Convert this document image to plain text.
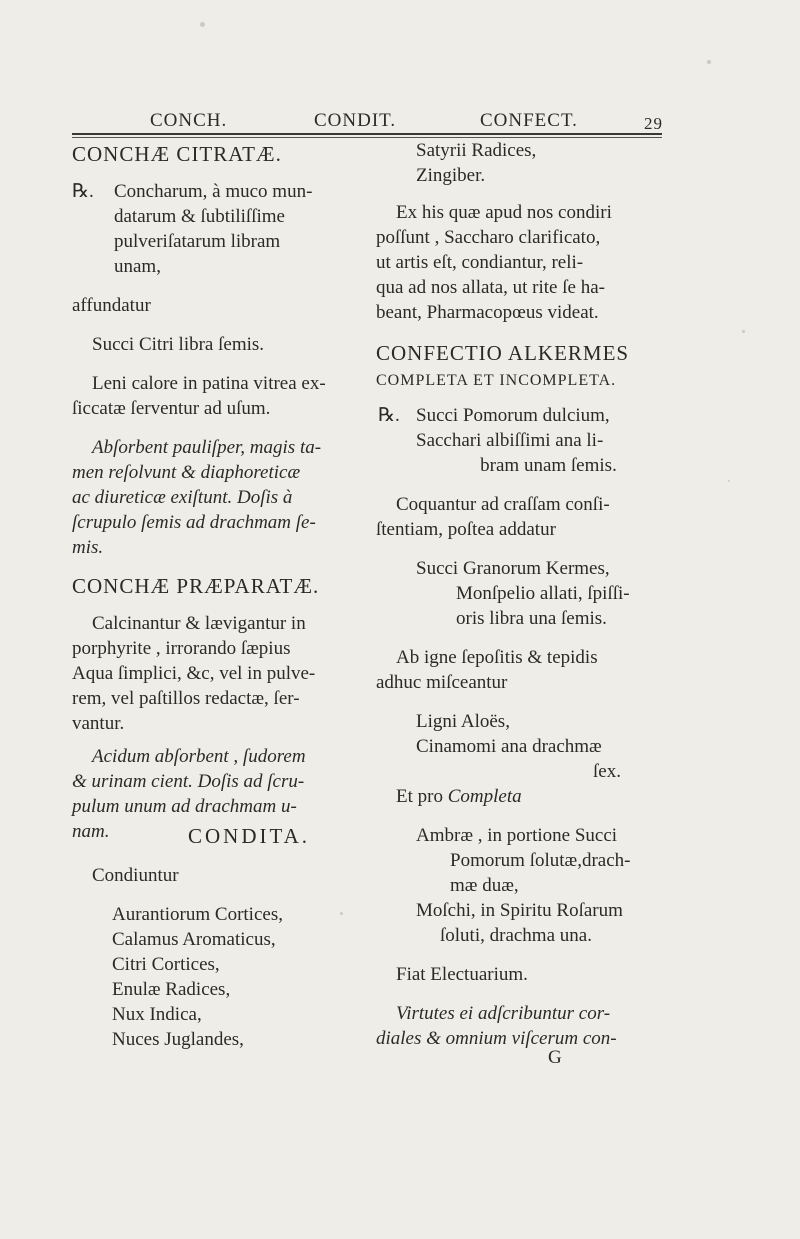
CONCH.	CONDIT.	CONFECT.	29

CONCHÆ CITRATÆ.

℞. Concharum, à muco mun-

datarum & ſubtiliſſime

pulveriſatarum libram

unam,

affundatur

Succi Citri libra ſemis.

Leni calore in patina vitrea ex-

ſiccatæ ſerventur ad uſum.

Abſorbent pauliſper, magis ta-

men reſolvunt & diaphoreticæ

ac diureticæ exiſtunt. Doſis à

ſcrupulo ſemis ad drachmam ſe-

mis.

CONCHÆ PRÆPARATÆ.

Calcinantur & lævigantur in

porphyrite , irrorando ſæpius

Aqua ſimplici, &c, vel in pulve-

rem, vel paſtillos redactæ, ſer-

vantur.

Acidum abſorbent , ſudorem

& urinam cient. Doſis ad ſcru-

pulum unum ad drachmam u-

nam.	CONDITA.

Condiuntur

Aurantiorum Cortices,

Calamus Aromaticus,

Citri Cortices,

Enulæ Radices,

Nux Indica,

Nuces Juglandes,

Satyrii Radices,

Zingiber.

Ex his quæ apud nos condiri

poſſunt , Saccharo clarificato,

ut artis eſt, condiantur, reli-

qua ad nos allata, ut rite ſe ha-

beant, Pharmacopœus videat.

CONFECTIO ALKERMES

COMPLETA ET INCOMPLETA.

℞. Succi Pomorum dulcium,

Sacchari albiſſimi ana li-

bram unam ſemis.

Coquantur ad craſſam conſi-

ſtentiam, poſtea addatur

Succi Granorum Kermes,

Monſpelio allati, ſpiſſi-

oris libra una ſemis.

Ab igne ſepoſitis & tepidis

adhuc miſceantur

Ligni Aloës,

Cinamomi ana drachmæ

ſex.

Et pro Completa

Ambræ , in portione Succi

Pomorum ſolutæ,drach-

mæ duæ,

Moſchi, in Spiritu Roſarum

ſoluti, drachma una.

Fiat Electuarium.

Virtutes ei adſcribuntur cor-

diales & omnium viſcerum con-

G
